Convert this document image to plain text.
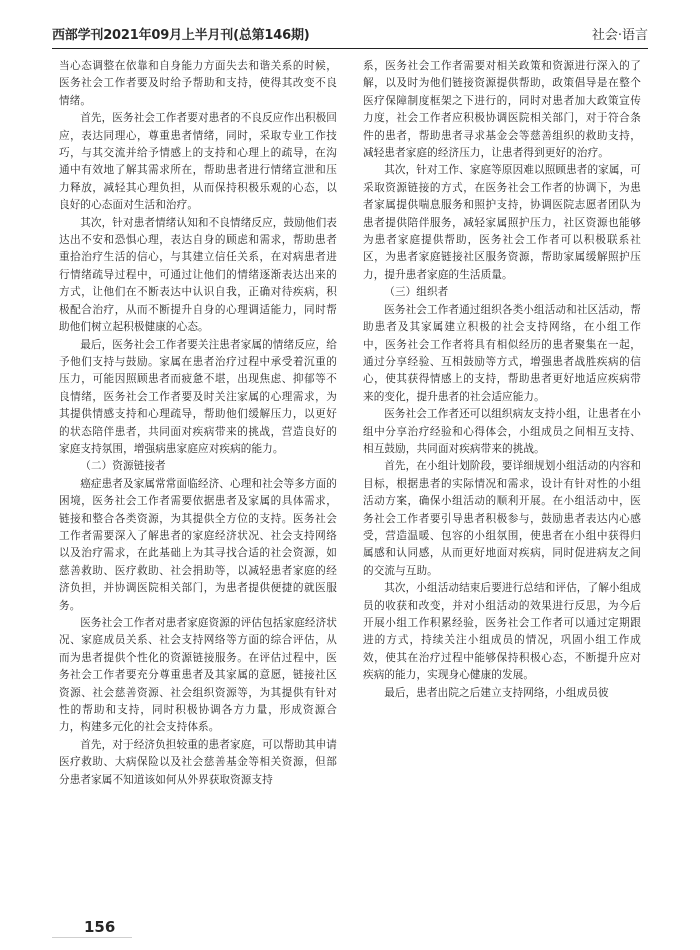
西部学刊2021年09月上半月刊(总第146期)	社会·语言

当心态调整在依靠和自身能力方面失去和谐关系的时候，医务社会工作者要及时给予帮助和支持，使得其改变不良情绪。

首先，医务社会工作者要对患者的不良反应作出积极回应，表达同理心，尊重患者情绪，同时，采取专业工作技巧，与其交流并给予情感上的支持和心理上的疏导，在沟通中有效地了解其需求所在，帮助患者进行情绪宣泄和压力释放，减轻其心理负担，从而保持积极乐观的心态，以良好的心态面对生活和治疗。

其次，针对患者情绪认知和不良情绪反应，鼓励他们表达出不安和恐惧心理，表达自身的顾虑和需求，帮助患者重拾治疗生活的信心，与其建立信任关系，在对病患者进行情绪疏导过程中，可通过让他们的情绪逐渐表达出来的方式，让他们在不断表达中认识自我，正确对待疾病，积极配合治疗，从而不断提升自身的心理调适能力，同时帮助他们树立起积极健康的心态。

最后，医务社会工作者要关注患者家属的情绪反应，给予他们支持与鼓励。家属在患者治疗过程中承受着沉重的压力，可能因照顾患者而疲惫不堪，出现焦虑、抑郁等不良情绪，医务社会工作者要及时关注家属的心理需求，为其提供情感支持和心理疏导，帮助他们缓解压力，以更好的状态陪伴患者，共同面对疾病带来的挑战，营造良好的家庭支持氛围，增强病患家庭应对疾病的能力。

（二）资源链接者

癌症患者及家属常常面临经济、心理和社会等多方面的困境，医务社会工作者需要依据患者及家属的具体需求，链接和整合各类资源，为其提供全方位的支持。医务社会工作者需要深入了解患者的家庭经济状况、社会支持网络以及治疗需求，在此基础上为其寻找合适的社会资源，如慈善救助、医疗救助、社会捐助等，以减轻患者家庭的经济负担，并协调医院相关部门，为患者提供便捷的就医服务。

医务社会工作者对患者家庭资源的评估包括家庭经济状况、家庭成员关系、社会支持网络等方面的综合评估，从而为患者提供个性化的资源链接服务。在评估过程中，医务社会工作者要充分尊重患者及其家属的意愿，链接社区资源、社会慈善资源、社会组织资源等，为其提供有针对性的帮助和支持，同时积极协调各方力量，形成资源合力，构建多元化的社会支持体系。

首先，对于经济负担较重的患者家庭，可以帮助其申请医疗救助、大病保险以及社会慈善基金等相关资源，但部分患者家属不知道该如何从外界获取资源支持

系，医务社会工作者需要对相关政策和资源进行深入的了解，以及时为他们链接资源提供帮助，政策倡导是在整个医疗保障制度框架之下进行的，同时对患者加大政策宣传力度，社会工作者应积极协调医院相关部门，对于符合条件的患者，帮助患者寻求基金会等慈善组织的救助支持，减轻患者家庭的经济压力，让患者得到更好的治疗。

其次，针对工作、家庭等原因难以照顾患者的家属，可采取资源链接的方式，在医务社会工作者的协调下，为患者家属提供喘息服务和照护支持，协调医院志愿者团队为患者提供陪伴服务，减轻家属照护压力，社区资源也能够为患者家庭提供帮助，医务社会工作者可以积极联系社区，为患者家庭链接社区服务资源，帮助家属缓解照护压力，提升患者家庭的生活质量。

（三）组织者

医务社会工作者通过组织各类小组活动和社区活动，帮助患者及其家属建立积极的社会支持网络，在小组工作中，医务社会工作者将具有相似经历的患者聚集在一起，通过分享经验、互相鼓励等方式，增强患者战胜疾病的信心，使其获得情感上的支持，帮助患者更好地适应疾病带来的变化，提升患者的社会适应能力。

医务社会工作者还可以组织病友支持小组，让患者在小组中分享治疗经验和心得体会，小组成员之间相互支持、相互鼓励，共同面对疾病带来的挑战。

首先，在小组计划阶段，要详细规划小组活动的内容和目标，根据患者的实际情况和需求，设计有针对性的小组活动方案，确保小组活动的顺利开展。在小组活动中，医务社会工作者要引导患者积极参与，鼓励患者表达内心感受，营造温暖、包容的小组氛围，使患者在小组中获得归属感和认同感，从而更好地面对疾病，同时促进病友之间的交流与互助。

其次，小组活动结束后要进行总结和评估，了解小组成员的收获和改变，并对小组活动的效果进行反思，为今后开展小组工作积累经验，医务社会工作者可以通过定期跟进的方式，持续关注小组成员的情况，巩固小组工作成效，使其在治疗过程中能够保持积极心态，不断提升应对疾病的能力，实现身心健康的发展。

最后，患者出院之后建立支持网络，小组成员彼

156
